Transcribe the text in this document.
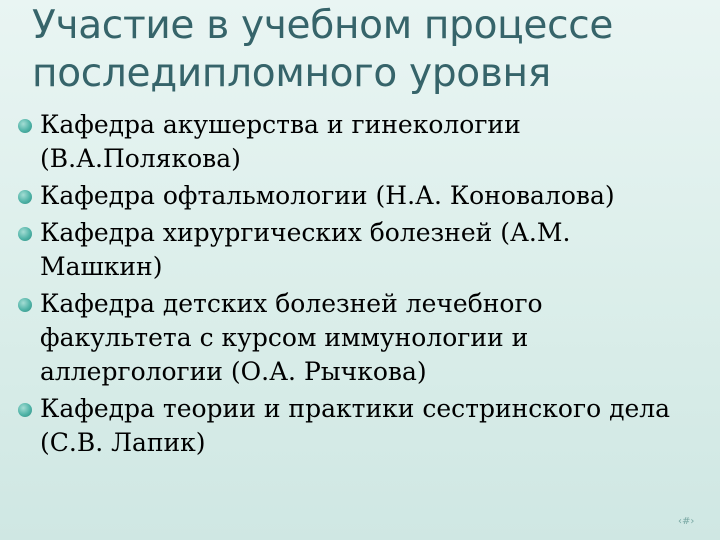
Участие в учебном процессе последипломного уровня
Кафедра акушерства и гинекологии (В.А.Полякова)
Кафедра офтальмологии (Н.А. Коновалова)
Кафедра хирургических болезней (А.М. Машкин)
Кафедра детских болезней лечебного факультета с курсом иммунологии и аллергологии (О.А. Рычкова)
Кафедра теории и практики сестринского дела (С.В. Лапик)
‹#›
